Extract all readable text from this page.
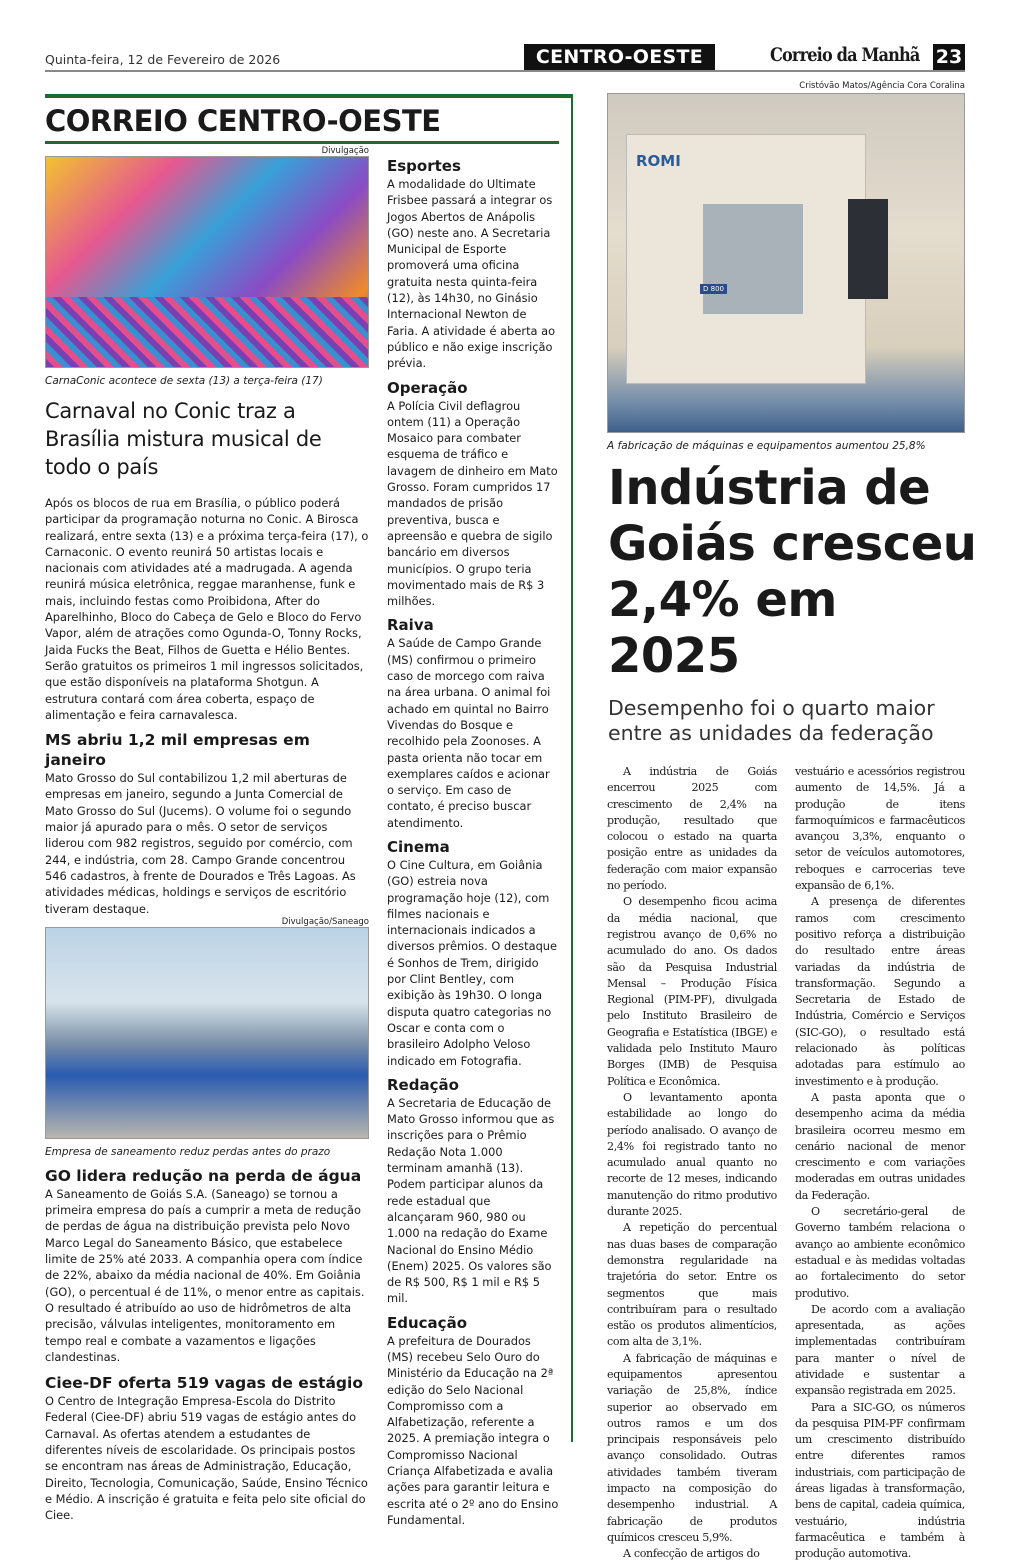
Quinta-feira, 12 de Fevereiro de 2026	CENTRO-OESTE	Correio da Manhã 23
CORREIO CENTRO-OESTE
Divulgação
CarnaConic acontece de sexta (13) a terça-feira (17)
Carnaval no Conic traz a Brasília mistura musical de todo o país

Após os blocos de rua em Brasília, o público poderá participar da programação noturna no Conic. A Birosca realizará, entre sexta (13) e a próxima terça-feira (17), o Carnaconic. O evento reunirá 50 artistas locais e nacionais com atividades até a madrugada. A agenda reunirá música eletrônica, reggae maranhense, funk e mais, incluindo festas como Proibidona, After do Aparelhinho, Bloco do Cabeça de Gelo e Bloco do Fervo Vapor, além de atrações como Ogunda-O, Tonny Rocks, Jaida Fucks the Beat, Filhos de Guetta e Hélio Bentes. Serão gratuitos os primeiros 1 mil ingressos solicitados, que estão disponíveis na plataforma Shotgun. A estrutura contará com área coberta, espaço de alimentação e feira carnavalesca.

MS abriu 1,2 mil empresas em janeiro

Mato Grosso do Sul contabilizou 1,2 mil aberturas de empresas em janeiro, segundo a Junta Comercial de Mato Grosso do Sul (Jucems). O volume foi o segundo maior já apurado para o mês. O setor de serviços liderou com 982 registros, seguido por comércio, com 244, e indústria, com 28. Campo Grande concentrou 546 cadastros, à frente de Dourados e Três Lagoas. As atividades médicas, holdings e serviços de escritório tiveram destaque.

Divulgação/Saneago
Empresa de saneamento reduz perdas antes do prazo
GO lidera redução na perda de água

A Saneamento de Goiás S.A. (Saneago) se tornou a primeira empresa do país a cumprir a meta de redução de perdas de água na distribuição prevista pelo Novo Marco Legal do Saneamento Básico, que estabelece limite de 25% até 2033. A companhia opera com índice de 22%, abaixo da média nacional de 40%. Em Goiânia (GO), o percentual é de 11%, o menor entre as capitais. O resultado é atribuído ao uso de hidrômetros de alta precisão, válvulas inteligentes, monitoramento em tempo real e combate a vazamentos e ligações clandestinas.

Ciee-DF oferta 519 vagas de estágio

O Centro de Integração Empresa-Escola do Distrito Federal (Ciee-DF) abriu 519 vagas de estágio antes do Carnaval. As ofertas atendem a estudantes de diferentes níveis de escolaridade. Os principais postos se encontram nas áreas de Administração, Educação, Direito, Tecnologia, Comunicação, Saúde, Ensino Técnico e Médio. A inscrição é gratuita e feita pelo site oficial do Ciee.

Esportes

A modalidade do Ultimate Frisbee passará a integrar os Jogos Abertos de Anápolis (GO) neste ano. A Secretaria Municipal de Esporte promoverá uma oficina gratuita nesta quinta-feira (12), às 14h30, no Ginásio Internacional Newton de Faria. A atividade é aberta ao público e não exige inscrição prévia.

Operação

A Polícia Civil deflagrou ontem (11) a Operação Mosaico para combater esquema de tráfico e lavagem de dinheiro em Mato Grosso. Foram cumpridos 17 mandados de prisão preventiva, busca e apreensão e quebra de sigilo bancário em diversos municípios. O grupo teria movimentado mais de R$ 3 milhões.

Raiva

A Saúde de Campo Grande (MS) confirmou o primeiro caso de morcego com raiva na área urbana. O animal foi achado em quintal no Bairro Vivendas do Bosque e recolhido pela Zoonoses. A pasta orienta não tocar em exemplares caídos e acionar o serviço. Em caso de contato, é preciso buscar atendimento.

Cinema

O Cine Cultura, em Goiânia (GO) estreia nova programação hoje (12), com filmes nacionais e internacionais indicados a diversos prêmios. O destaque é Sonhos de Trem, dirigido por Clint Bentley, com exibição às 19h30. O longa disputa quatro categorias no Oscar e conta com o brasileiro Adolpho Veloso indicado em Fotografia.

Redação

A Secretaria de Educação de Mato Grosso informou que as inscrições para o Prêmio Redação Nota 1.000 terminam amanhã (13). Podem participar alunos da rede estadual que alcançaram 960, 980 ou 1.000 na redação do Exame Nacional do Ensino Médio (Enem) 2025. Os valores são de R$ 500, R$ 1 mil e R$ 5 mil.

Educação

A prefeitura de Dourados (MS) recebeu Selo Ouro do Ministério da Educação na 2ª edição do Selo Nacional Compromisso com a Alfabetização, referente a 2025. A premiação integra o Compromisso Nacional Criança Alfabetizada e avalia ações para garantir leitura e escrita até o 2º ano do Ensino Fundamental.

Cristóvão Matos/Agência Cora Coralina
ROMI
D 800
A fabricação de máquinas e equipamentos aumentou 25,8%
Indústria de Goiás cresceu 2,4% em 2025
Desempenho foi o quarto maior entre as unidades da federação

A indústria de Goiás encerrou 2025 com crescimento de 2,4% na produção, resultado que colocou o estado na quarta posição entre as unidades da federação com maior expansão no período.

O desempenho ficou acima da média nacional, que registrou avanço de 0,6% no acumulado do ano. Os dados são da Pesquisa Industrial Mensal – Produção Física Regional (PIM-PF), divulgada pelo Instituto Brasileiro de Geografia e Estatística (IBGE) e validada pelo Instituto Mauro Borges (IMB) de Pesquisa Política e Econômica.

O levantamento aponta estabilidade ao longo do período analisado. O avanço de 2,4% foi registrado tanto no acumulado anual quanto no recorte de 12 meses, indicando manutenção do ritmo produtivo durante 2025.

A repetição do percentual nas duas bases de comparação demonstra regularidade na trajetória do setor. Entre os segmentos que mais contribuíram para o resultado estão os produtos alimentícios, com alta de 3,1%.

A fabricação de máquinas e equipamentos apresentou variação de 25,8%, índice superior ao observado em outros ramos e um dos principais responsáveis pelo avanço consolidado. Outras atividades também tiveram impacto na composição do desempenho industrial. A fabricação de produtos químicos cresceu 5,9%.

A confecção de artigos do

vestuário e acessórios registrou aumento de 14,5%. Já a produção de itens farmoquímicos e farmacêuticos avançou 3,3%, enquanto o setor de veículos automotores, reboques e carrocerias teve expansão de 6,1%.

A presença de diferentes ramos com crescimento positivo reforça a distribuição do resultado entre áreas variadas da indústria de transformação. Segundo a Secretaria de Estado de Indústria, Comércio e Serviços (SIC-GO), o resultado está relacionado às políticas adotadas para estímulo ao investimento e à produção.

A pasta aponta que o desempenho acima da média brasileira ocorreu mesmo em cenário nacional de menor crescimento e com variações moderadas em outras unidades da Federação.

O secretário-geral de Governo também relaciona o avanço ao ambiente econômico estadual e às medidas voltadas ao fortalecimento do setor produtivo.

De acordo com a avaliação apresentada, as ações implementadas contribuíram para manter o nível de atividade e sustentar a expansão registrada em 2025.

Para a SIC-GO, os números da pesquisa PIM-PF confirmam um crescimento distribuído entre diferentes ramos industriais, com participação de áreas ligadas à transformação, bens de capital, cadeia química, vestuário, indústria farmacêutica e também à produção automotiva.
